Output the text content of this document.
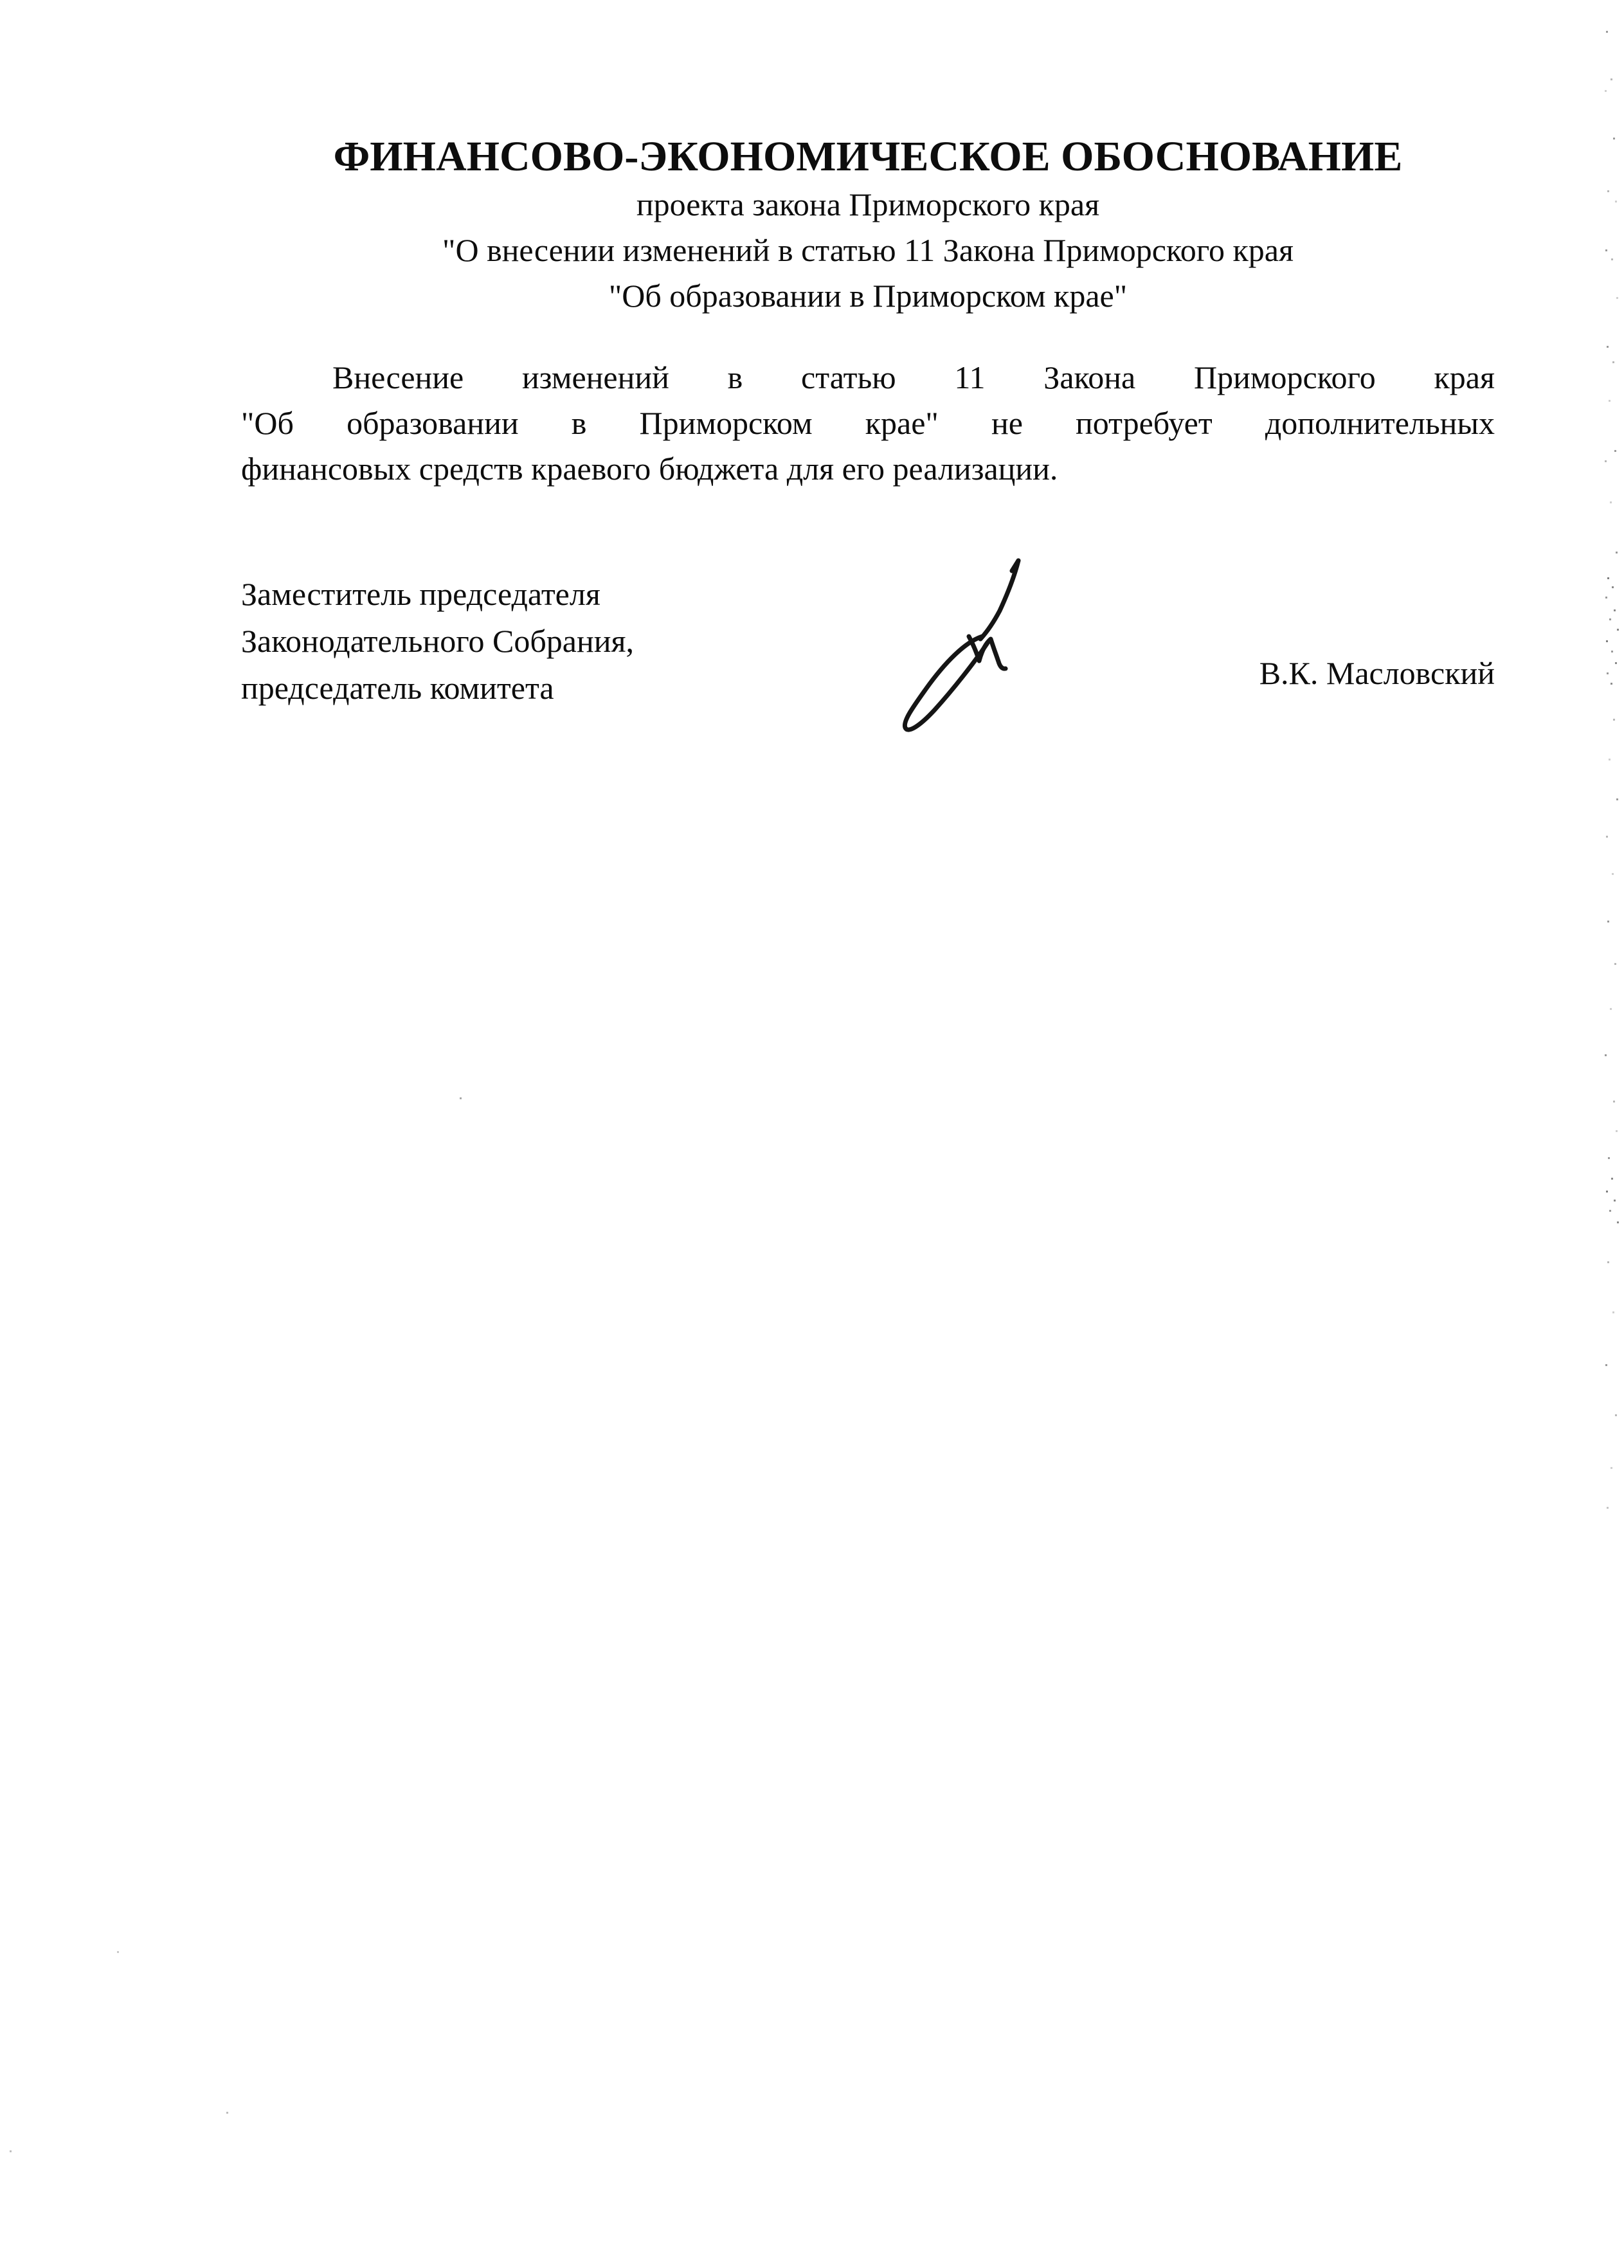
ФИНАНСОВО-ЭКОНОМИЧЕСКОЕ ОБОСНОВАНИЕ
проекта закона Приморского края
"О внесении изменений в статью 11 Закона Приморского края
"Об образовании в Приморском крае"
Внесение изменений в статью 11 Закона Приморского края
"Об образовании в Приморском крае" не потребует дополнительных
финансовых средств краевого бюджета для его реализации.
Заместитель председателя
Законодательного Собрания,
председатель комитета	В.К. Масловский
